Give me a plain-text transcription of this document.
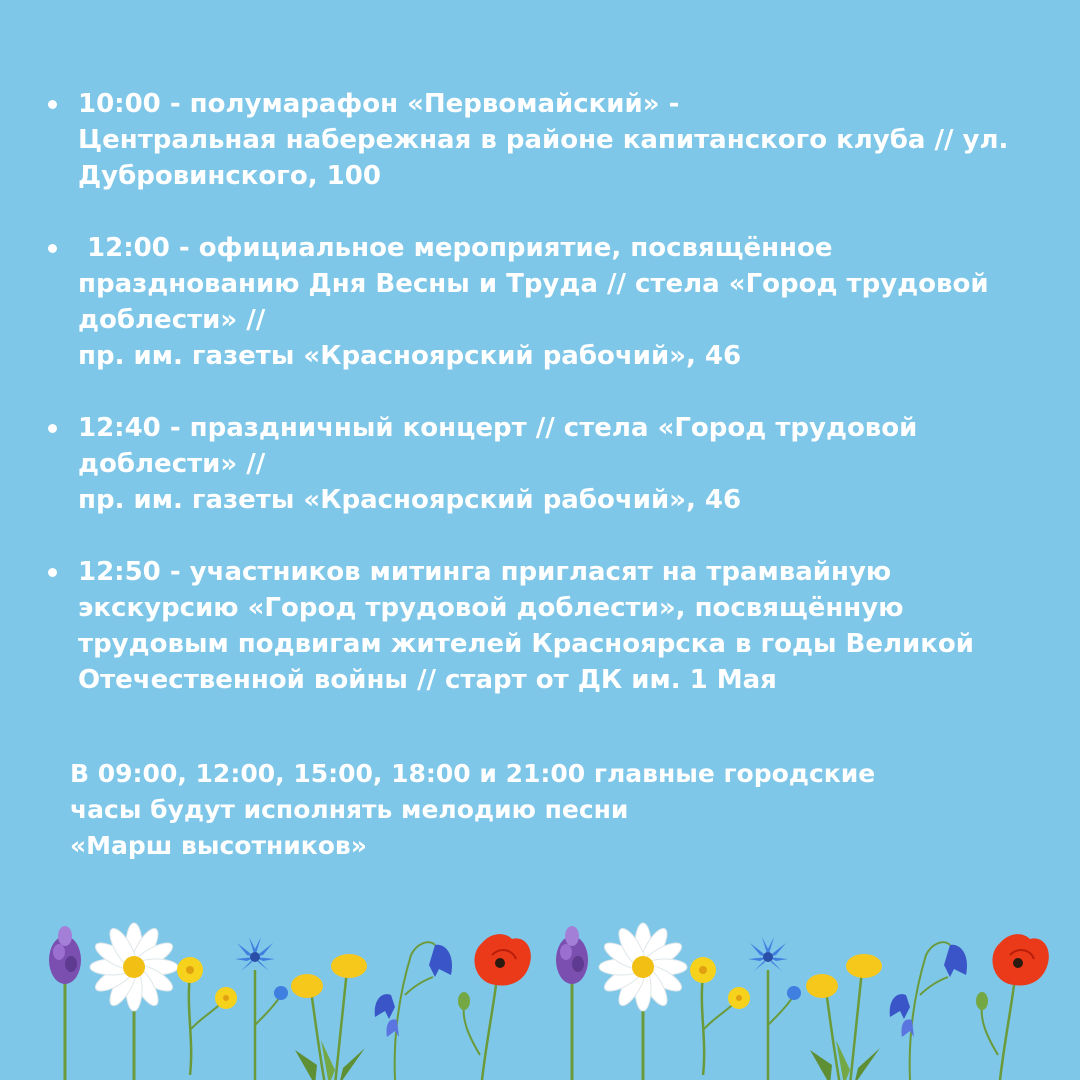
10:00 - полумарафон «Первомайский» -
Центральная набережная в районе капитанского клуба // ул.
Дубровинского, 100
12:00 - официальное мероприятие, посвящённое
празднованию Дня Весны и Труда // стела «Город трудовой
доблести» //
пр. им. газеты «Красноярский рабочий», 46
12:40 - праздничный концерт // стела «Город трудовой
доблести» //
пр. им. газеты «Красноярский рабочий», 46
12:50 - участников митинга пригласят на трамвайную
экскурсию «Город трудовой доблести», посвящённую
трудовым подвигам жителей Красноярска в годы Великой
Отечественной войны // старт от ДК им. 1 Мая
В 09:00, 12:00, 15:00, 18:00 и 21:00 главные городские
часы будут исполнять мелодию песни
«Марш высотников»
